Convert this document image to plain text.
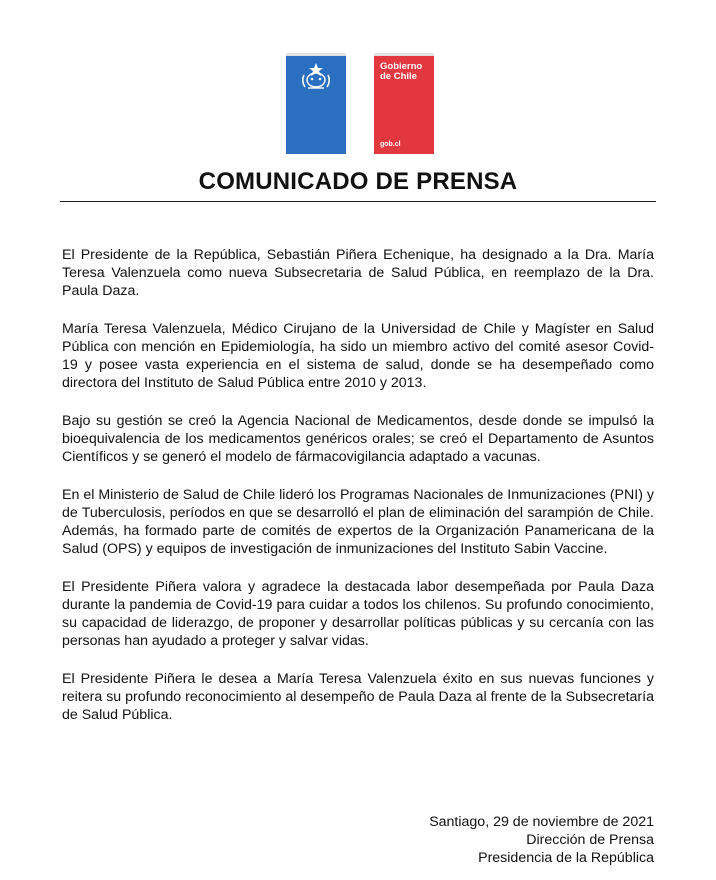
Gobierno de Chile
gob.cl
COMUNICADO DE PRENSA

El Presidente de la República, Sebastián Piñera Echenique, ha designado a la Dra. María Teresa Valenzuela como nueva Subsecretaria de Salud Pública, en reemplazo de la Dra. Paula Daza.

María Teresa Valenzuela, Médico Cirujano de la Universidad de Chile y Magíster en Salud Pública con mención en Epidemiología, ha sido un miembro activo del comité asesor Covid-19 y posee vasta experiencia en el sistema de salud, donde se ha desempeñado como directora del Instituto de Salud Pública entre 2010 y 2013.

Bajo su gestión se creó la Agencia Nacional de Medicamentos, desde donde se impulsó la bioequivalencia de los medicamentos genéricos orales; se creó el Departamento de Asuntos Científicos y se generó el modelo de fármacovigilancia adaptado a vacunas.

En el Ministerio de Salud de Chile lideró los Programas Nacionales de Inmunizaciones (PNI) y de Tuberculosis, períodos en que se desarrolló el plan de eliminación del sarampión de Chile. Además, ha formado parte de comités de expertos de la Organización Panamericana de la Salud (OPS) y equipos de investigación de inmunizaciones del Instituto Sabin Vaccine.

El Presidente Piñera valora y agradece la destacada labor desempeñada por Paula Daza durante la pandemia de Covid-19 para cuidar a todos los chilenos. Su profundo conocimiento, su capacidad de liderazgo, de proponer y desarrollar políticas públicas y su cercanía con las personas han ayudado a proteger y salvar vidas.

El Presidente Piñera le desea a María Teresa Valenzuela éxito en sus nuevas funciones y reitera su profundo reconocimiento al desempeño de Paula Daza al frente de la Subsecretaría de Salud Pública.

Santiago, 29 de noviembre de 2021
Dirección de Prensa
Presidencia de la República
